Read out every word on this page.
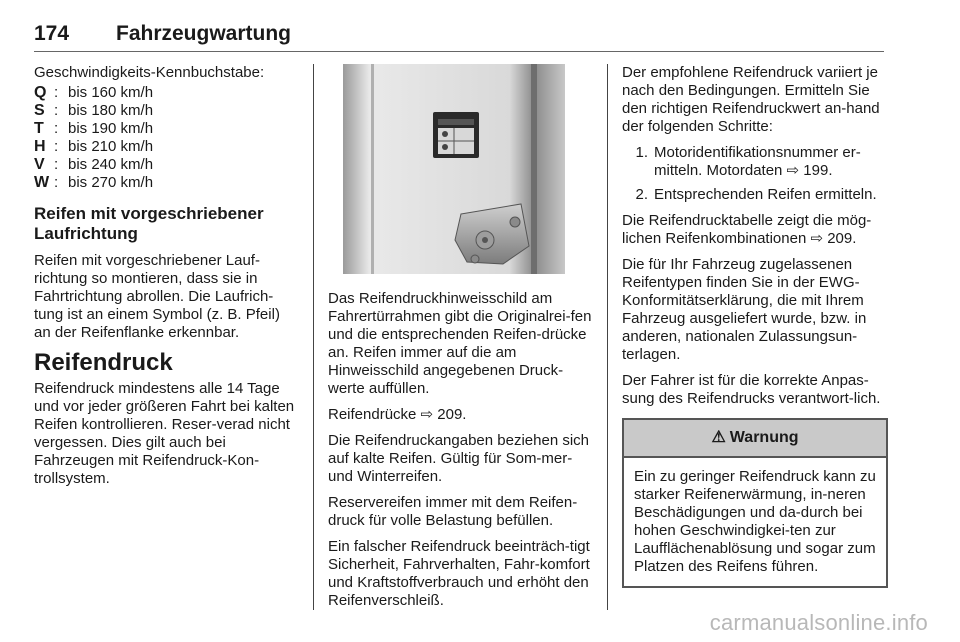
174 Fahrzeugwartung

Geschwindigkeits-Kennbuchstabe:

Q : bis 160 km/h
S : bis 180 km/h
T : bis 190 km/h
H : bis 210 km/h
V : bis 240 km/h
W : bis 270 km/h
Reifen mit vorgeschriebener Laufrichtung

Reifen mit vorgeschriebener Lauf-richtung so montieren, dass sie in Fahrtrichtung abrollen. Die Laufrich-tung ist an einem Symbol (z. B. Pfeil) an der Reifenflanke erkennbar.

Reifendruck

Reifendruck mindestens alle 14 Tage und vor jeder größeren Fahrt bei kalten Reifen kontrollieren. Reser-verad nicht vergessen. Dies gilt auch bei Fahrzeugen mit Reifendruck-Kon-trollsystem.

Das Reifendruckhinweisschild am Fahrertürrahmen gibt die Originalrei-fen und die entsprechenden Reifen-drücke an. Reifen immer auf die am Hinweisschild angegebenen Druck-werte auffüllen.

Reifendrücke ⇨ 209.

Die Reifendruckangaben beziehen sich auf kalte Reifen. Gültig für Som-mer- und Winterreifen.

Reservereifen immer mit dem Reifen-druck für volle Belastung befüllen.

Ein falscher Reifendruck beeinträch-tigt Sicherheit, Fahrverhalten, Fahr-komfort und Kraftstoffverbrauch und erhöht den Reifenverschleiß.

Der empfohlene Reifendruck variiert je nach den Bedingungen. Ermitteln Sie den richtigen Reifendruckwert an-hand der folgenden Schritte:

1. Motoridentifikationsnummer er-mitteln. Motordaten ⇨ 199.
2. Entsprechenden Reifen ermitteln.

Die Reifendrucktabelle zeigt die mög-lichen Reifenkombinationen ⇨ 209.

Die für Ihr Fahrzeug zugelassenen Reifentypen finden Sie in der EWG-Konformitätserklärung, die mit Ihrem Fahrzeug ausgeliefert wurde, bzw. in anderen, nationalen Zulassungsun-terlagen.

Der Fahrer ist für die korrekte Anpas-sung des Reifendrucks verantwort-lich.

⚠ Warnung
Ein zu geringer Reifendruck kann zu starker Reifenerwärmung, in-neren Beschädigungen und da-durch bei hohen Geschwindigkei-ten zur Laufflächenablösung und sogar zum Platzen des Reifens führen.
carmanualsonline.info
